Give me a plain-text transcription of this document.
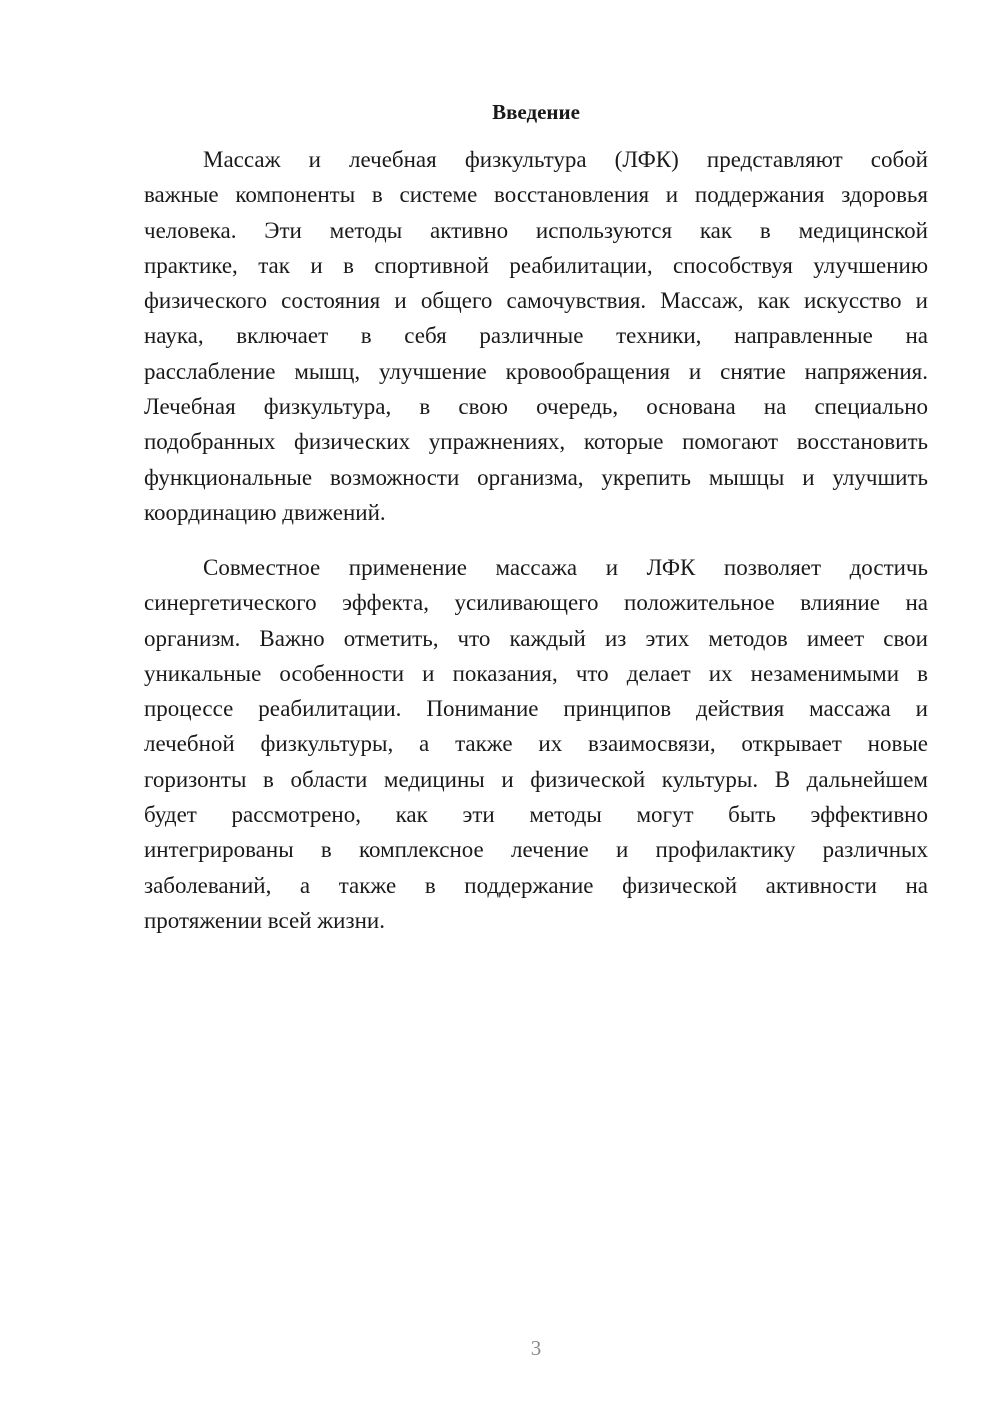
Введение
Массаж и лечебная физкультура (ЛФК) представляют собой
важные компоненты в системе восстановления и поддержания здоровья
человека. Эти методы активно используются как в медицинской
практике, так и в спортивной реабилитации, способствуя улучшению
физического состояния и общего самочувствия. Массаж, как искусство и
наука, включает в себя различные техники, направленные на
расслабление мышц, улучшение кровообращения и снятие напряжения.
Лечебная физкультура, в свою очередь, основана на специально
подобранных физических упражнениях, которые помогают восстановить
функциональные возможности организма, укрепить мышцы и улучшить
координацию движений.
Совместное применение массажа и ЛФК позволяет достичь
синергетического эффекта, усиливающего положительное влияние на
организм. Важно отметить, что каждый из этих методов имеет свои
уникальные особенности и показания, что делает их незаменимыми в
процессе реабилитации. Понимание принципов действия массажа и
лечебной физкультуры, а также их взаимосвязи, открывает новые
горизонты в области медицины и физической культуры. В дальнейшем
будет рассмотрено, как эти методы могут быть эффективно
интегрированы в комплексное лечение и профилактику различных
заболеваний, а также в поддержание физической активности на
протяжении всей жизни.
3
